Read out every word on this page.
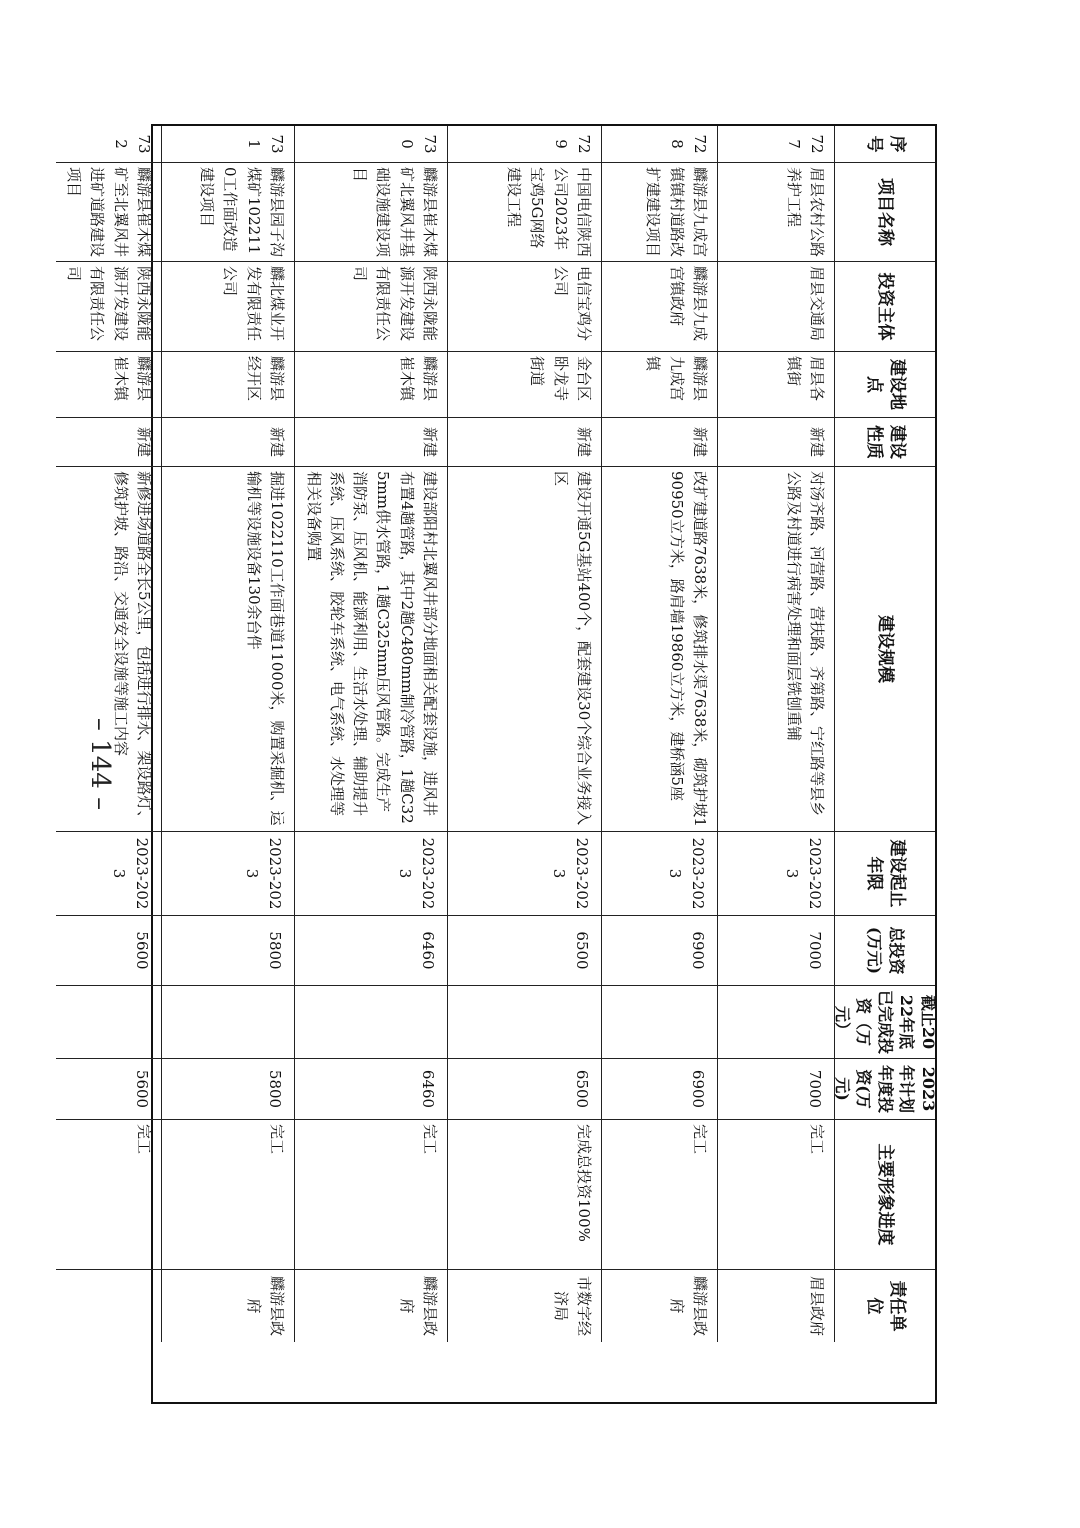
– 144 –
序号
项目名称
投资主体
建设地点
建设性质
建设规模
建设起止年限
总投资(万元)
截止2022年底已完成投资（万元）
2023年计划年度投资(万元)
主要形象进度
责任单位
727
眉县农村公路养护工程
眉县交通局
眉县各镇街
新建
对汤齐路、河营路、营扶路、齐第路、宁红路等县乡公路及村道进行病害处理和面层铣刨重铺
2023-2023
7000
7000
完工
眉县政府
728
麟游县九成宫镇镇村道路改扩建建设项目
麟游县九成宫镇政府
麟游县九成宫镇
新建
改扩建道路7638米，修筑排水渠7638米，砌筑护坡190950立方米，路肩墙19860立方米，建桥涵5座
2023-2023
6900
6900
完工
麟游县政府
729
中国电信陕西公司2023年宝鸡5G网络建设工程
电信宝鸡分公司
金台区卧龙寺街道
新建
建设开通5G基站400个，配套建设30个综合业务接入区
2023-2023
6500
6500
完成总投资100%
市数字经济局
730
麟游县崔木煤矿北翼风井基础设施建设项目
陕西永陇能源开发建设有限责任公司
麟游县崔木镇
新建
建设部阳村北翼风井部分地面相关配套设施，进风井布置4趟管路，其中2趟C480mm制冷管路，1趟C325mm供水管路，1趟C325mm压风管路。完成生产消防泵、压风机、能源利用、生活水处理、辅助提升系统、压风系统、胶轮车系统、电气系统、水处理等相关设备购置
2023-2023
6460
6460
完工
麟游县政府
731
麟游县园子沟煤矿1022110工作面改造建设项目
麟北煤业开发有限责任公司
麟游县经开区
新建
掘进1022110工作面巷道11000米，购置采掘机、运输机等设施设备130余台件
2023-2023
5800
5800
完工
麟游县政府
732
麟游县崔木煤矿至北翼风井进矿道路建设项目
陕西永陇能源开发建设有限责任公司
麟游县崔木镇
新建
新修进场道路全长5公里，包括进行排水、架设路灯、修筑护坡、路沿、交通安全设施等施工内容
2023-2023
5600
5600
完工
